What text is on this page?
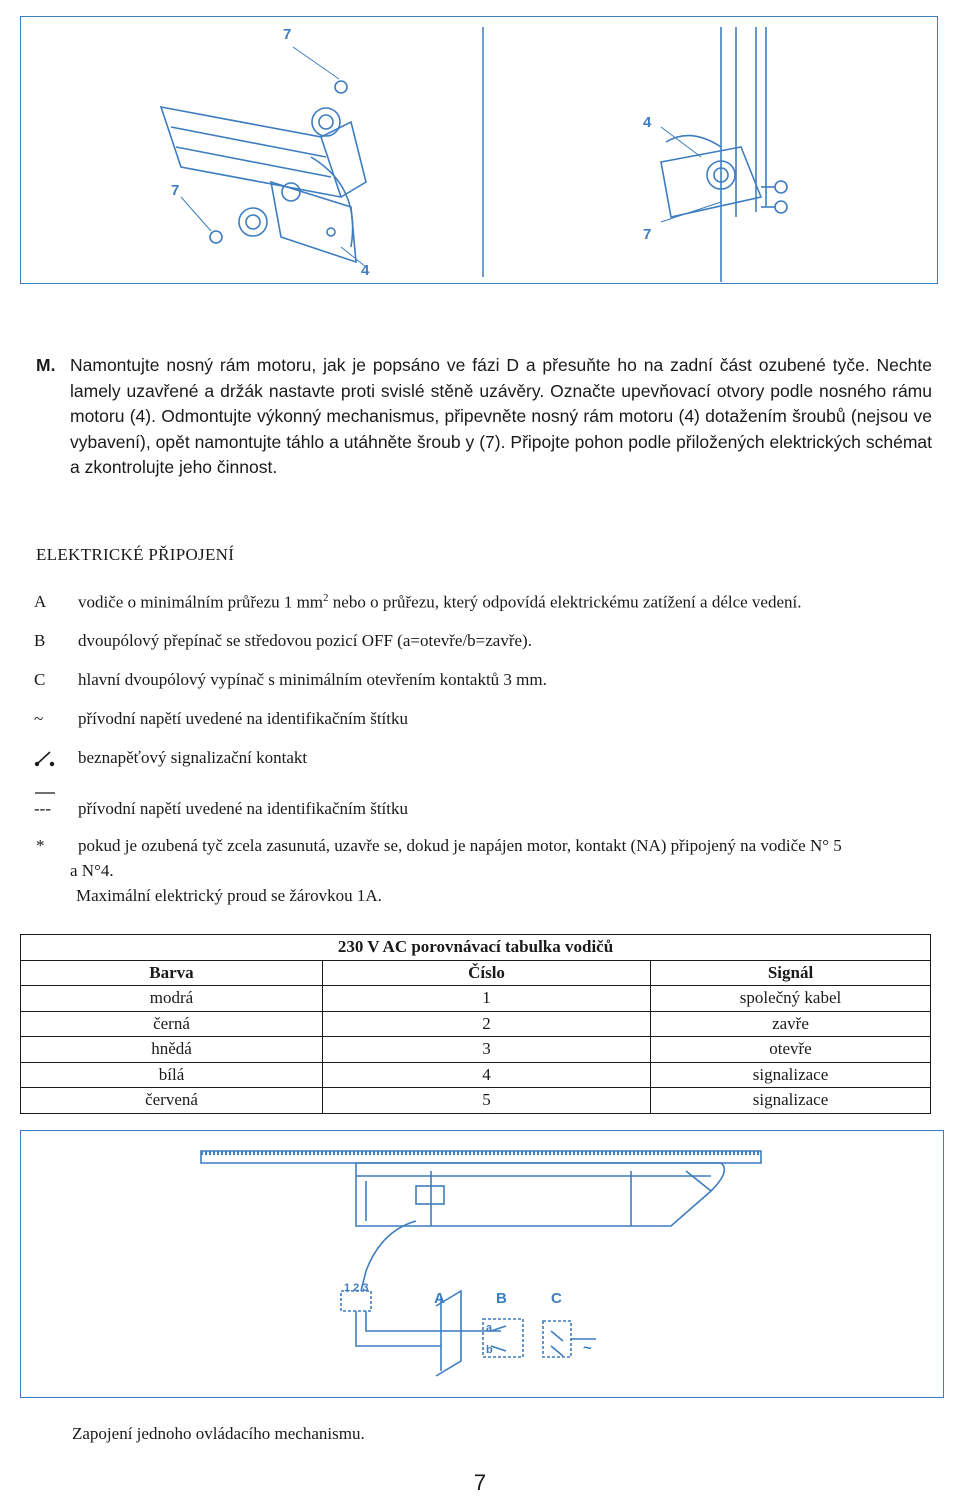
7
7
4
4
7
M. Namontujte nosný rám motoru, jak je popsáno ve fázi D a přesuňte ho na zadní část ozubené tyče. Nechte lamely uzavřené a držák nastavte proti svislé stěně uzávěry. Označte upevňovací otvory podle nosného rámu motoru (4). Odmontujte výkonný mechanismus, připevněte nosný rám motoru (4) dotažením šroubů (nejsou ve vybavení), opět namontujte táhlo a utáhněte šroub y (7). Připojte pohon podle přiložených elektrických schémat a zkontrolujte jeho činnost.
ELEKTRICKÉ PŘIPOJENÍ
A vodiče o minimálním průřezu 1 $mm^2$ nebo o průřezu, který odpovídá elektrickému zatížení a délce vedení.
B dvoupólový přepínač se středovou pozicí OFF (a=otevře/b=zavře).
C hlavní dvoupólový vypínač s minimálním otevřením kontaktů 3 mm.
~ přívodní napětí uvedené na identifikačním štítku
beznapěťový signalizační kontakt
--- přívodní napětí uvedené na identifikačním štítku
* pokud je ozubená tyč zcela zasunutá, uzavře se, dokud je napájen motor, kontakt (NA) připojený na vodiče N° 5
a N°4.
Maximální elektrický proud se žárovkou 1A.
230 V AC porovnávací tabulka vodičů		
Barva	Číslo	Signál
modrá	1	společný kabel
černá	2	zavře
hnědá	3	otevře
bílá	4	signalizace
červená	5	signalizace
1 2 3
A	B	C
a
b	~
Zapojení jednoho ovládacího mechanismu.
7
